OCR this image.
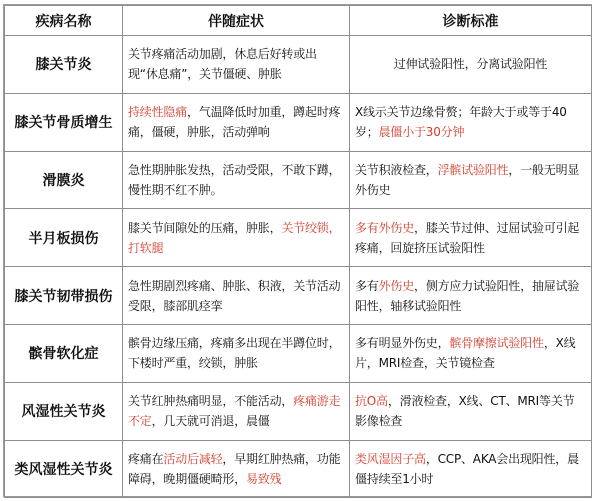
疾病名称	伴随症状	诊断标准
膝关节炎	关节疼痛活动加剧，休息后好转或出现“休息痛”，关节僵硬、肿胀	过伸试验阳性，分离试验阳性
膝关节骨质增生	持续性隐痛，气温降低时加重，蹲起时疼痛，僵硬，肿胀，活动弹响	X线示关节边缘骨赘；年龄大于或等于40岁；晨僵小于30分钟
滑膜炎	急性期肿胀发热，活动受限，不敢下蹲，慢性期不红不肿。	关节积液检查，浮髌试验阳性，一般无明显外伤史
半月板损伤	膝关节间隙处的压痛，肿胀，关节绞锁，打软腿	多有外伤史，膝关节过伸、过屈试验可引起疼痛，回旋挤压试验阳性
膝关节韧带损伤	急性期剧烈疼痛、肿胀、积液，关节活动受限，膝部肌痉挛	多有外伤史，侧方应力试验阳性，抽屉试验阳性，轴移试验阳性
髌骨软化症	髌骨边缘压痛，疼痛多出现在半蹲位时，下楼时严重，绞锁，肿胀	多有明显外伤史，髌骨摩擦试验阳性，X线片，MRI检查，关节镜检查
风湿性关节炎	关节红肿热痛明显，不能活动，疼痛游走不定，几天就可消退，晨僵	抗O高，滑液检查，X线、CT、MRI等关节影像检查
类风湿性关节炎	疼痛在活动后减轻，早期红肿热痛，功能障碍，晚期僵硬畸形，易致残	类风湿因子高，CCP、AKA会出现阳性，晨僵持续至1小时
